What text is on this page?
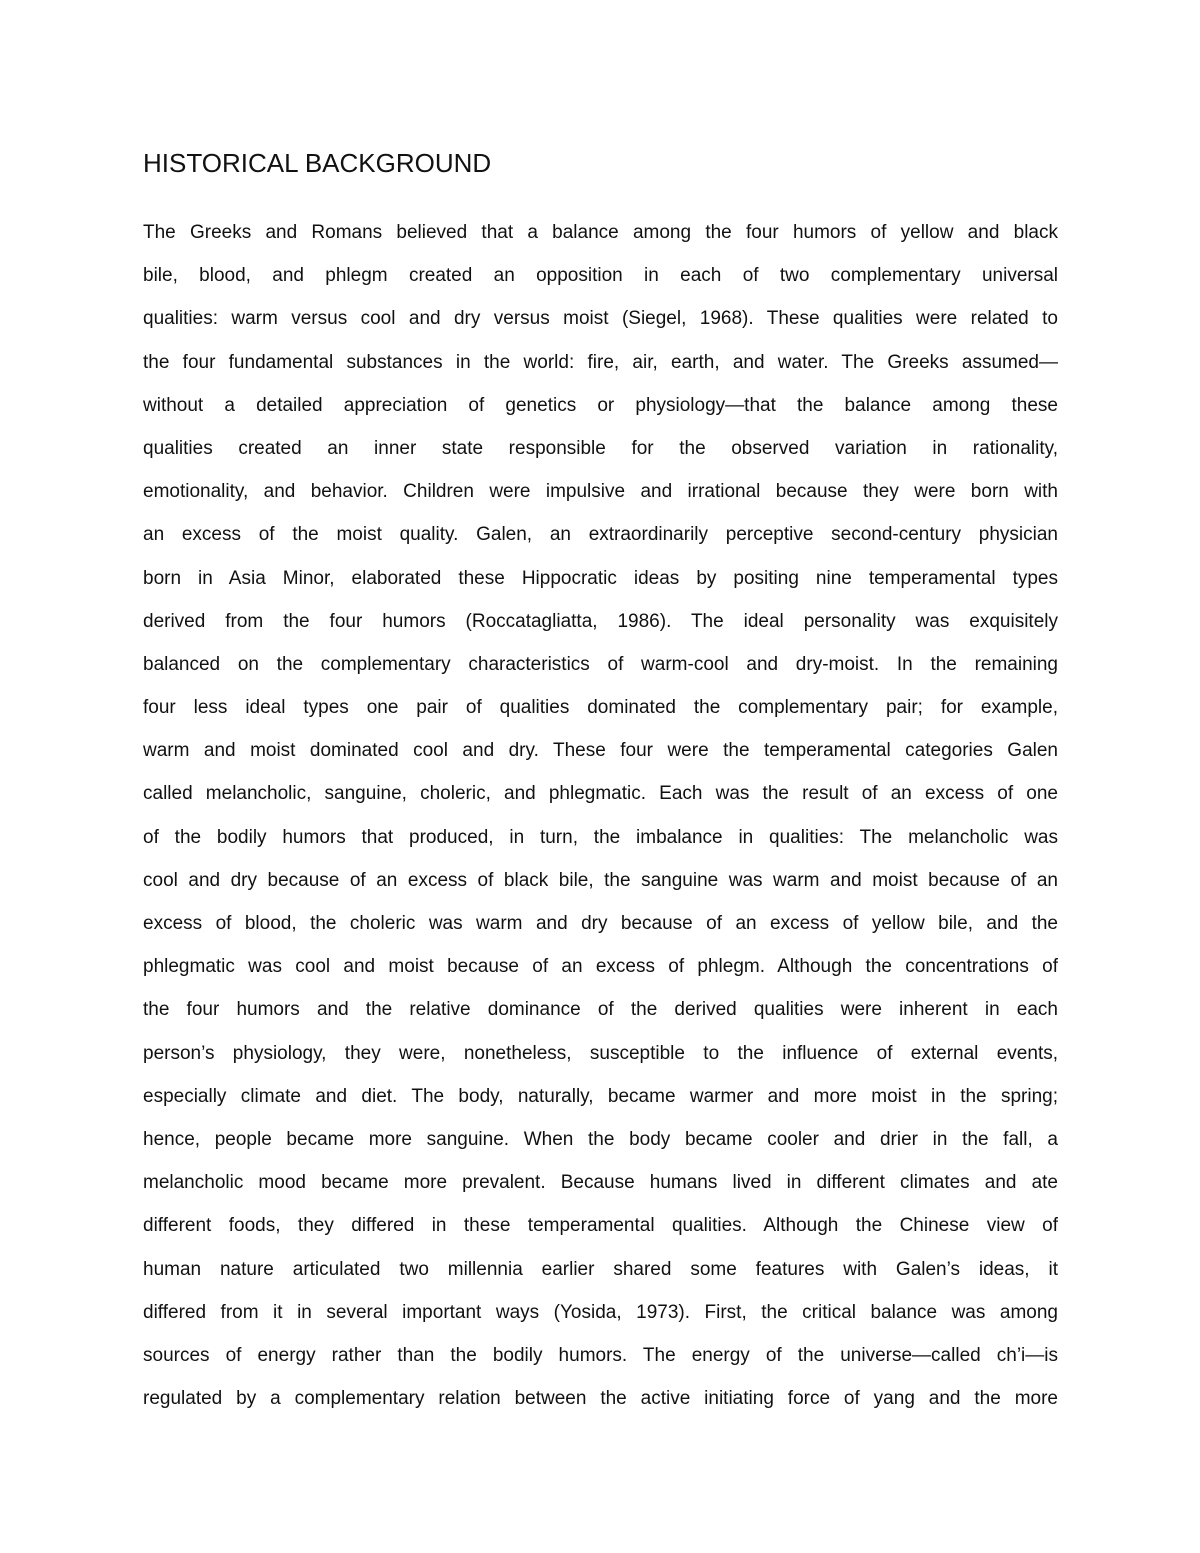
HISTORICAL BACKGROUND
The Greeks and Romans believed that a balance among the four humors of yellow and black
bile, blood, and phlegm created an opposition in each of two complementary universal
qualities: warm versus cool and dry versus moist (Siegel, 1968). These qualities were related to
the four fundamental substances in the world: fire, air, earth, and water. The Greeks assumed—
without a detailed appreciation of genetics or physiology—that the balance among these
qualities created an inner state responsible for the observed variation in rationality,
emotionality, and behavior. Children were impulsive and irrational because they were born with
an excess of the moist quality. Galen, an extraordinarily perceptive second-century physician
born in Asia Minor, elaborated these Hippocratic ideas by positing nine temperamental types
derived from the four humors (Roccatagliatta, 1986). The ideal personality was exquisitely
balanced on the complementary characteristics of warm-cool and dry-moist. In the remaining
four less ideal types one pair of qualities dominated the complementary pair; for example,
warm and moist dominated cool and dry. These four were the temperamental categories Galen
called melancholic, sanguine, choleric, and phlegmatic. Each was the result of an excess of one
of the bodily humors that produced, in turn, the imbalance in qualities: The melancholic was
cool and dry because of an excess of black bile, the sanguine was warm and moist because of an
excess of blood, the choleric was warm and dry because of an excess of yellow bile, and the
phlegmatic was cool and moist because of an excess of phlegm. Although the concentrations of
the four humors and the relative dominance of the derived qualities were inherent in each
person’s physiology, they were, nonetheless, susceptible to the influence of external events,
especially climate and diet. The body, naturally, became warmer and more moist in the spring;
hence, people became more sanguine. When the body became cooler and drier in the fall, a
melancholic mood became more prevalent. Because humans lived in different climates and ate
different foods, they differed in these temperamental qualities. Although the Chinese view of
human nature articulated two millennia earlier shared some features with Galen’s ideas, it
differed from it in several important ways (Yosida, 1973). First, the critical balance was among
sources of energy rather than the bodily humors. The energy of the universe—called ch’i—is
regulated by a complementary relation between the active initiating force of yang and the more
